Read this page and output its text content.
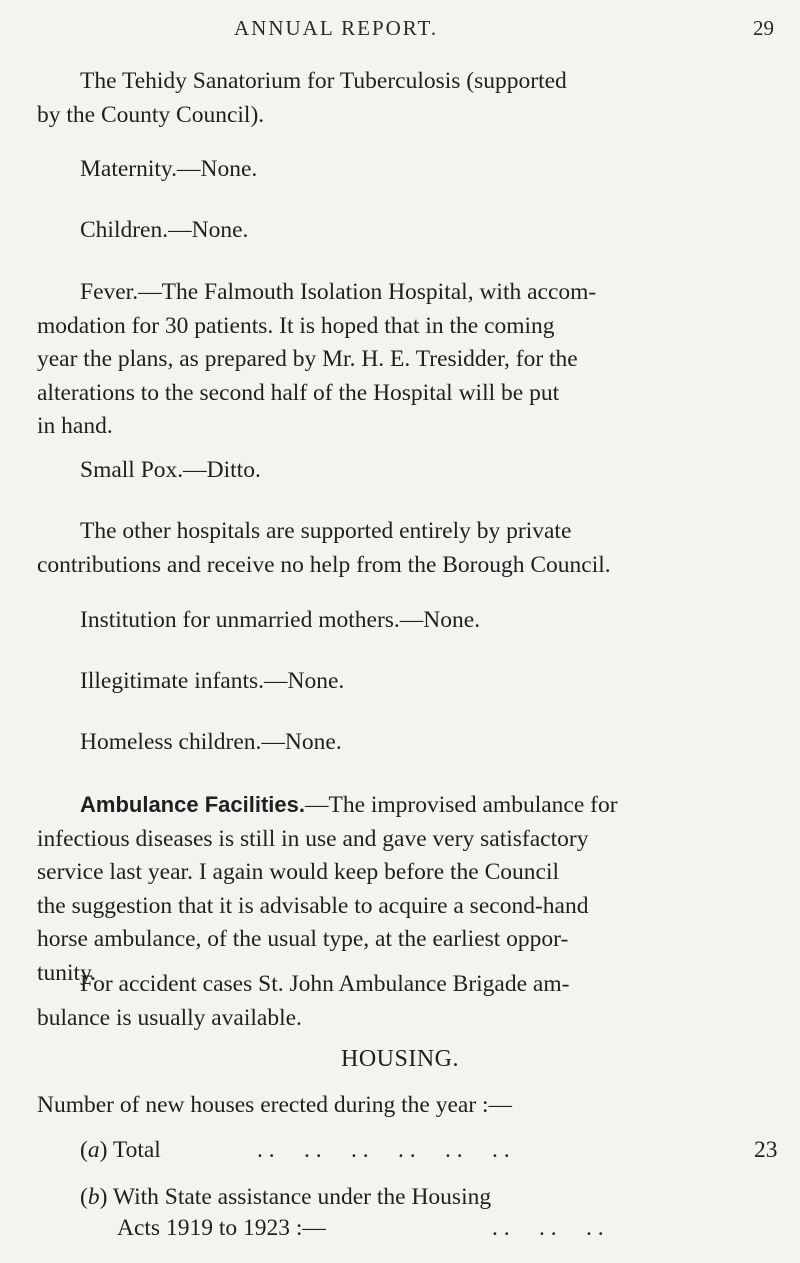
ANNUAL REPORT.	29

The Tehidy Sanatorium for Tuberculosis (supported
by the County Council).

Maternity.—None.

Children.—None.

Fever.—The Falmouth Isolation Hospital, with accom-
modation for 30 patients. It is hoped that in the coming
year the plans, as prepared by Mr. H. E. Tresidder, for the
alterations to the second half of the Hospital will be put
in hand.

Small Pox.—Ditto.

The other hospitals are supported entirely by private
contributions and receive no help from the Borough Council.

Institution for unmarried mothers.—None.

Illegitimate infants.—None.

Homeless children.—None.

Ambulance Facilities.—The improvised ambulance for
infectious diseases is still in use and gave very satisfactory
service last year. I again would keep before the Council
the suggestion that it is advisable to acquire a second-hand
horse ambulance, of the usual type, at the earliest oppor-
tunity.

For accident cases St. John Ambulance Brigade am-
bulance is usually available.

HOUSING.
Number of new houses erected during the year :—
(a) Total	. .     . .     . .     . .     . .     . .	23
(b) With State assistance under the Housing
Acts 1919 to 1923 :—	. .     . .     . .
